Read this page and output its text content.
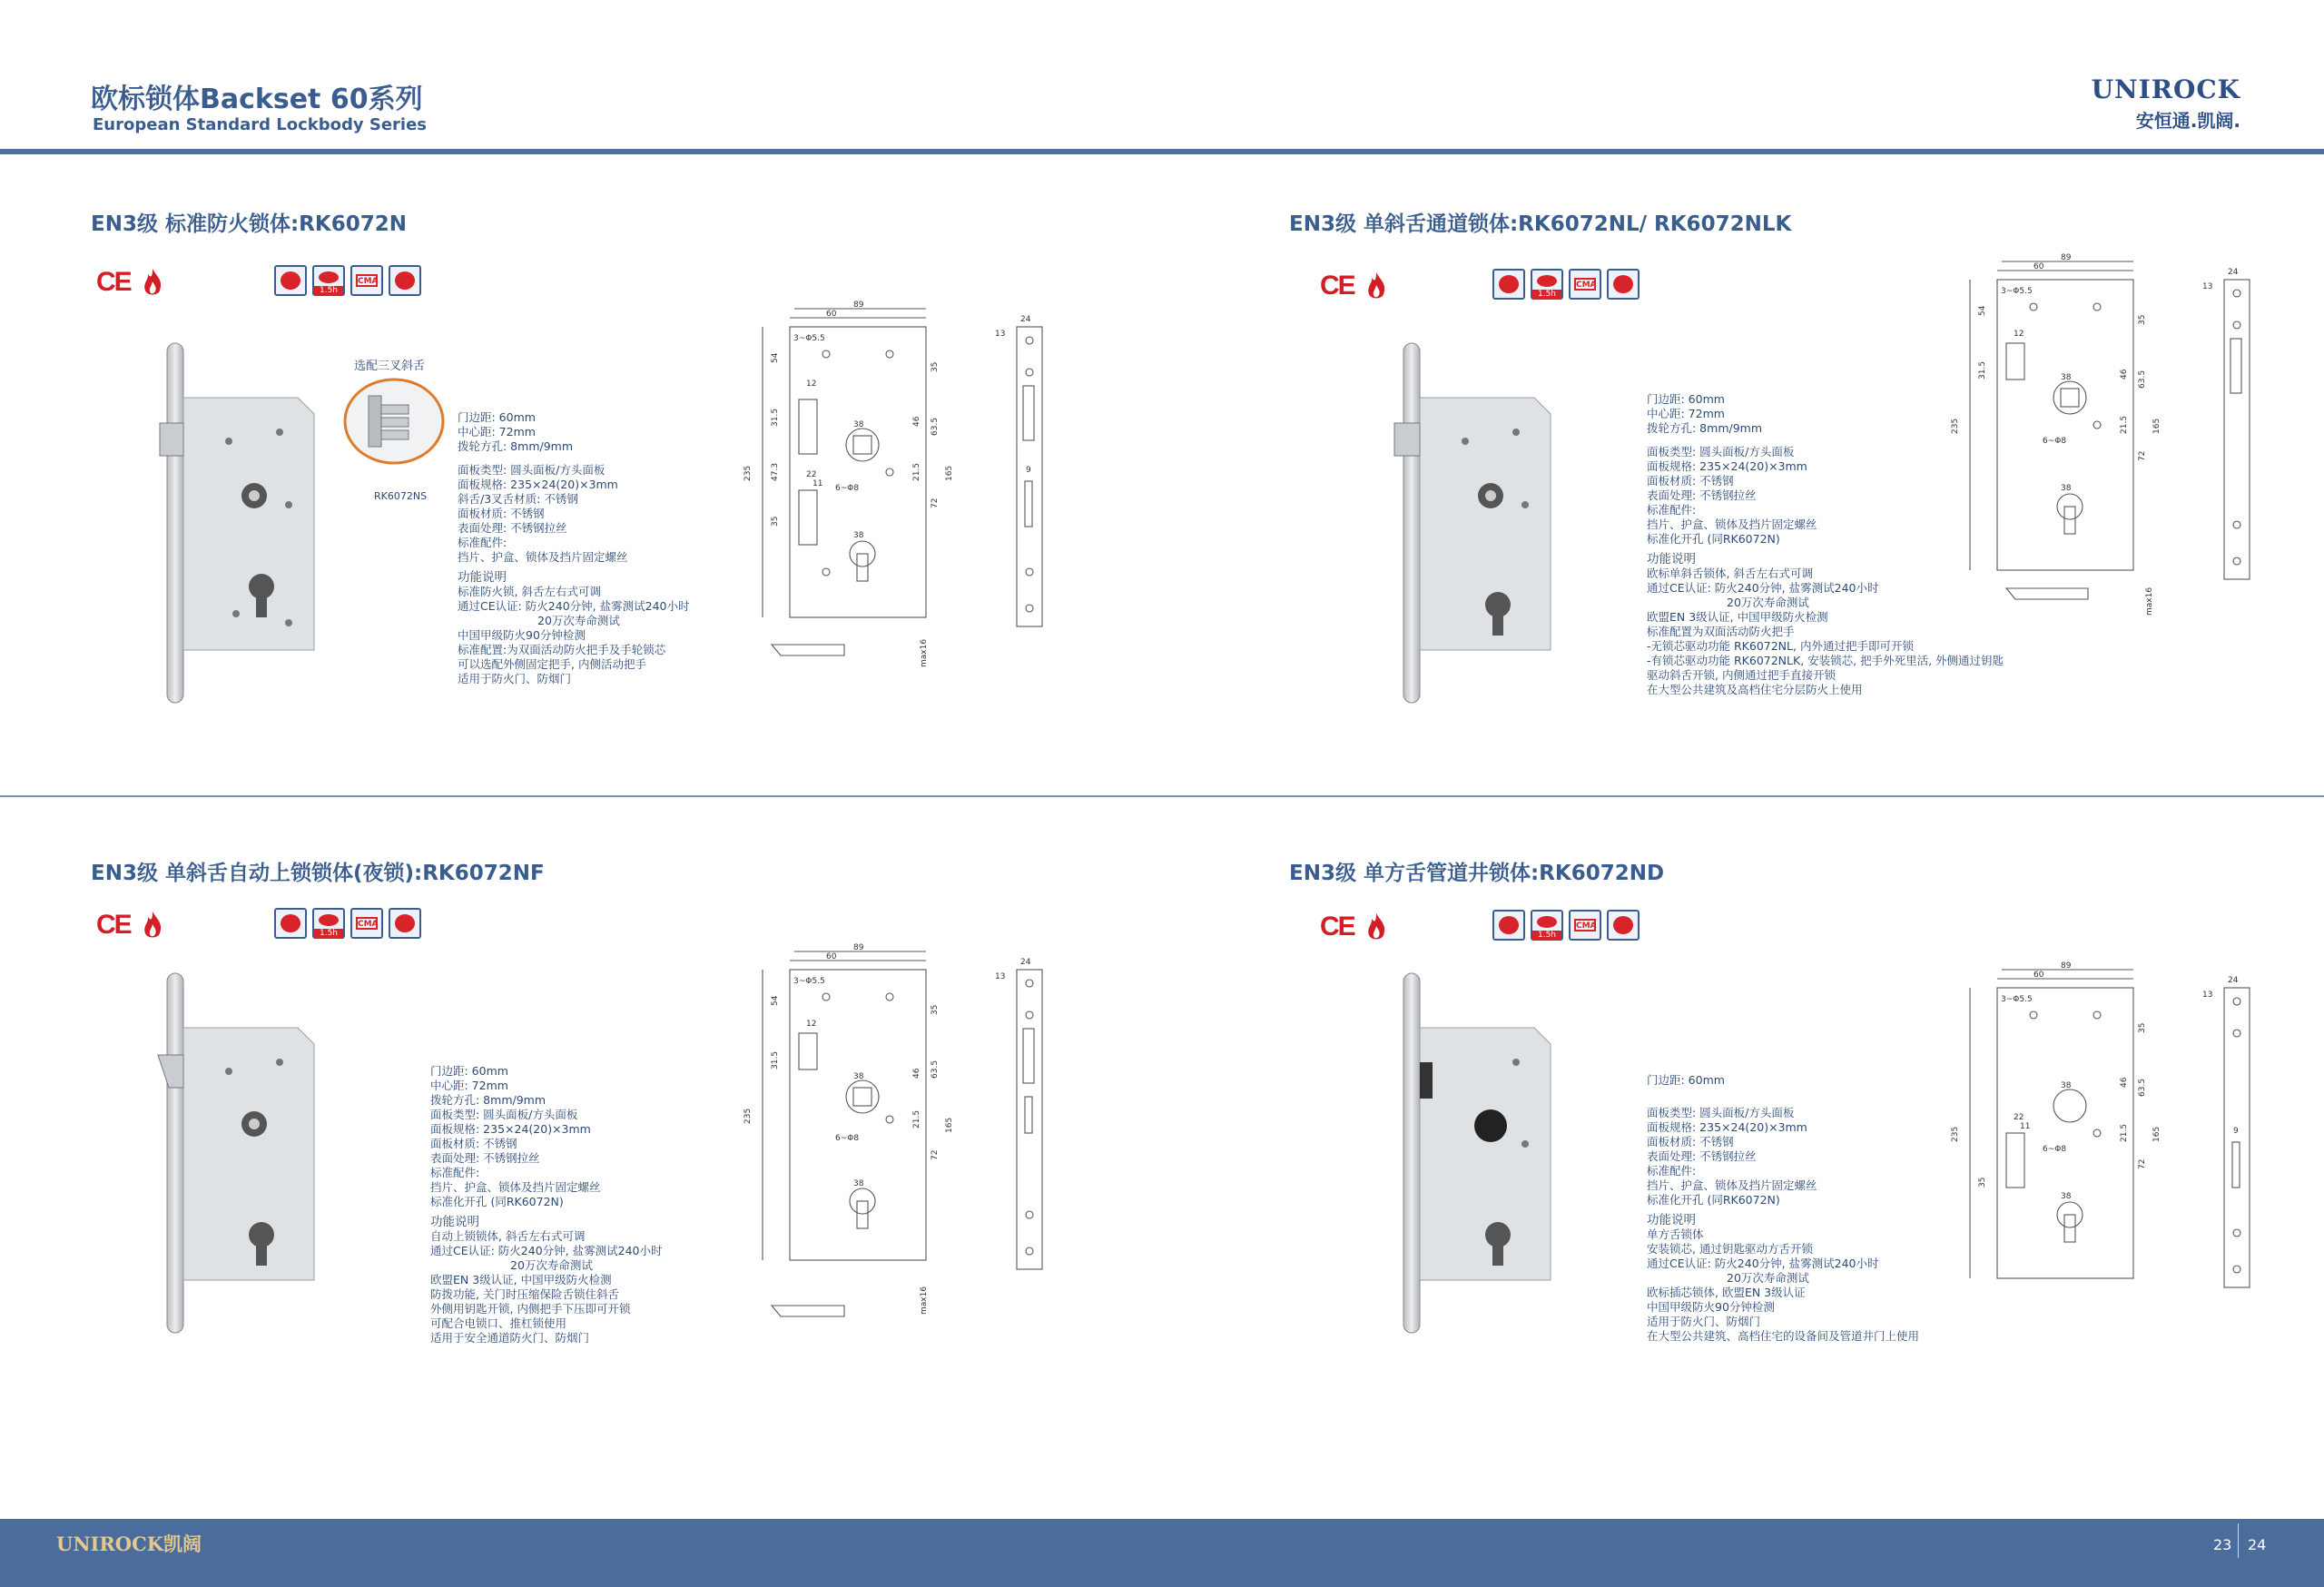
欧标锁体Backset 60系列
European Standard Lockbody Series
UNIROCK
安恒通.凯阔.
EN3级 标准防火锁体:RK6072N
CE	1.5h
CMA
EN3级 单斜舌通道锁体:RK6072NL/ RK6072NLK
CE	1.5h
CMA
EN3级 单斜舌自动上锁锁体(夜锁):RK6072NF
CE	1.5h
CMA
EN3级 单方舌管道井锁体:RK6072ND
CE	1.5h
CMA
选配三叉斜舌
RK6072NS
门边距: 60mm
中心距: 72mm
拨轮方孔: 8mm/9mm
面板类型: 圆头面板/方头面板
面板规格: 235×24(20)×3mm
斜舌/3叉舌材质: 不锈钢
面板材质: 不锈钢
表面处理: 不锈钢拉丝
标准配件:
挡片、护盒、锁体及挡片固定螺丝
功能说明
标准防火锁, 斜舌左右式可调
通过CE认证: 防火240分钟, 盐雾测试240小时
20万次寿命测试
中国甲级防火90分钟检测
标准配置:为双面活动防火把手及手轮锁芯
可以选配外侧固定把手, 内侧活动把手
适用于防火门、防烟门
门边距: 60mm
中心距: 72mm
拨轮方孔: 8mm/9mm
面板类型: 圆头面板/方头面板
面板规格: 235×24(20)×3mm
面板材质: 不锈钢
表面处理: 不锈钢拉丝
标准配件:
挡片、护盒、锁体及挡片固定螺丝
标准化开孔 (同RK6072N)
功能说明
欧标单斜舌锁体, 斜舌左右式可调
通过CE认证: 防火240分钟, 盐雾测试240小时
20万次寿命测试
欧盟EN 3级认证, 中国甲级防火检测
标准配置为双面活动防火把手
-无锁芯驱动功能 RK6072NL, 内外通过把手即可开锁
-有锁芯驱动功能 RK6072NLK, 安装锁芯, 把手外死里活, 外侧通过钥匙
驱动斜舌开锁, 内侧通过把手直接开锁
在大型公共建筑及高档住宅分层防火上使用
门边距: 60mm
中心距: 72mm
拨轮方孔: 8mm/9mm
面板类型: 圆头面板/方头面板
面板规格: 235×24(20)×3mm
面板材质: 不锈钢
表面处理: 不锈钢拉丝
标准配件:
挡片、护盒、锁体及挡片固定螺丝
标准化开孔 (同RK6072N)
功能说明
自动上锁锁体, 斜舌左右式可调
通过CE认证: 防火240分钟, 盐雾测试240小时
20万次寿命测试
欧盟EN 3级认证, 中国甲级防火检测
防拨功能, 关门时压缩保险舌锁住斜舌
外侧用钥匙开锁, 内侧把手下压即可开锁
可配合电锁口、推杠锁使用
适用于安全通道防火门、防烟门
门边距: 60mm
面板类型: 圆头面板/方头面板
面板规格: 235×24(20)×3mm
面板材质: 不锈钢
表面处理: 不锈钢拉丝
标准配件:
挡片、护盒、锁体及挡片固定螺丝
标准化开孔 (同RK6072N)
功能说明
单方舌锁体
安装锁芯, 通过钥匙驱动方舌开锁
通过CE认证: 防火240分钟, 盐雾测试240小时
20万次寿命测试
欧标插芯锁体, 欧盟EN 3级认证
中国甲级防火90分钟检测
适用于防火门、防烟门
在大型公共建筑、高档住宅的设备间及管道井门上使用
89
60
235
54
31.5
47.3
35
12
22
11
38
38
6~Φ8
3~Φ5.5
35
63.5
46
21.5
72
165
24
13
9
max16
89
60
235
54
31.5
12
38
38
6~Φ8
3~Φ5.5
35
63.5
46
21.5
72
165
24
13
max16
89
60
235
54
31.5
12
38
38
6~Φ8
3~Φ5.5
35
46 63.5
21.5
72
165
24
13
max16
89
60
235
35
22
11
38
38
6~Φ8
3~Φ5.5
35
63.5
46
21.5
72
165
24
13
9
UNIROCK凯阔	23 24
